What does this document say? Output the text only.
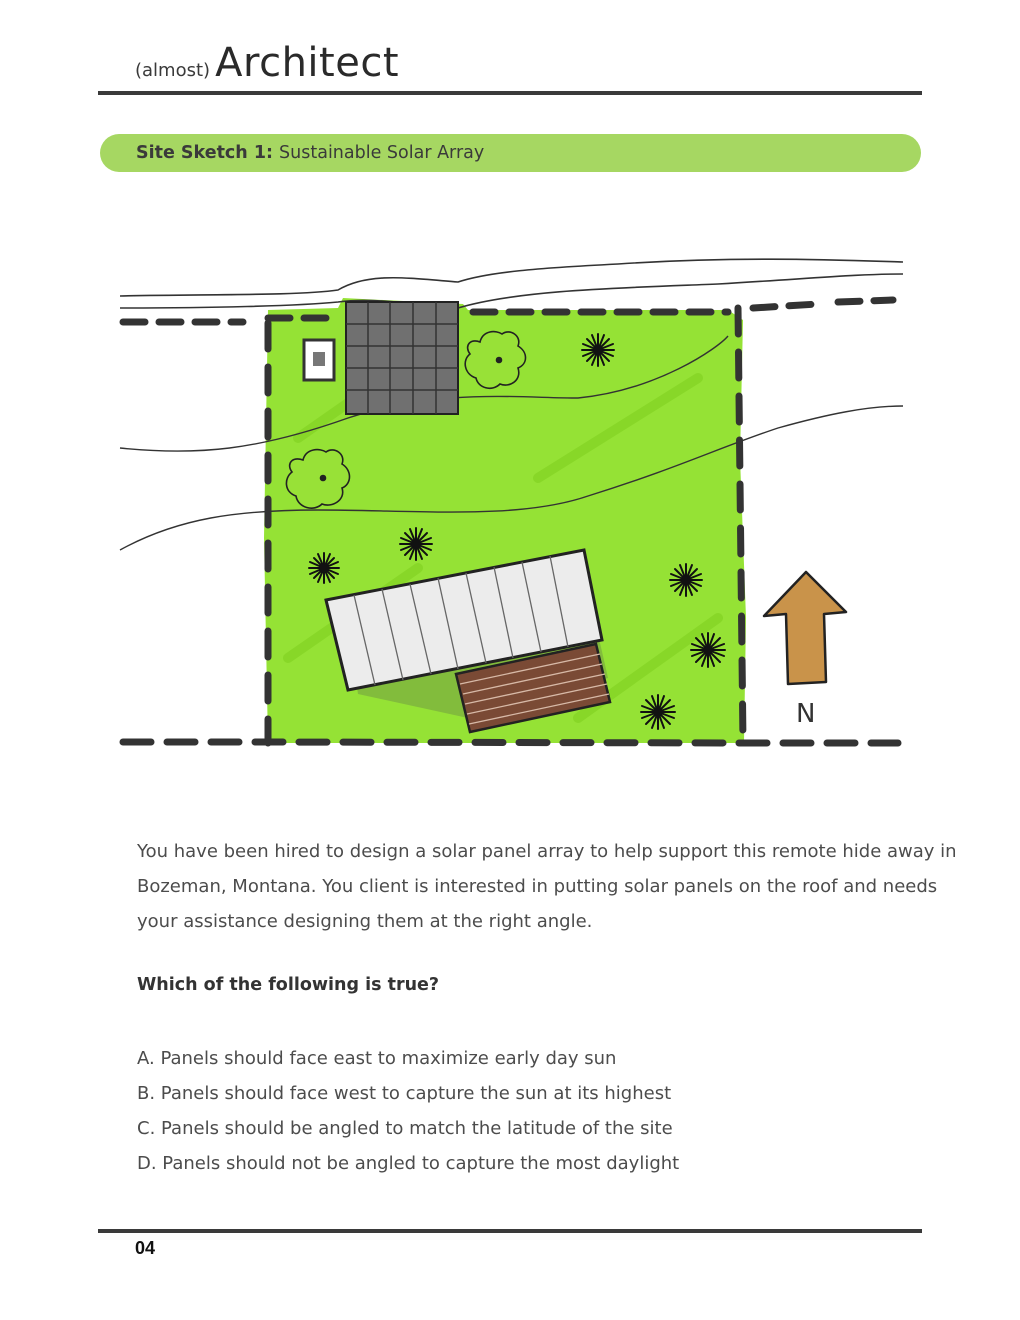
(almost) Architect
Site Sketch 1: Sustainable Solar Array
N
You have been hired to design a solar panel array to help support this remote hide away in Bozeman, Montana. You client is interested in putting solar panels on the roof and needs your assistance designing them at the right angle.
Which of the following is true?
A. Panels should face east to maximize early day sun
B. Panels should face west to capture the sun at its highest
C. Panels should be angled to match the latitude of the site
D. Panels should not be angled to capture the most daylight
04
